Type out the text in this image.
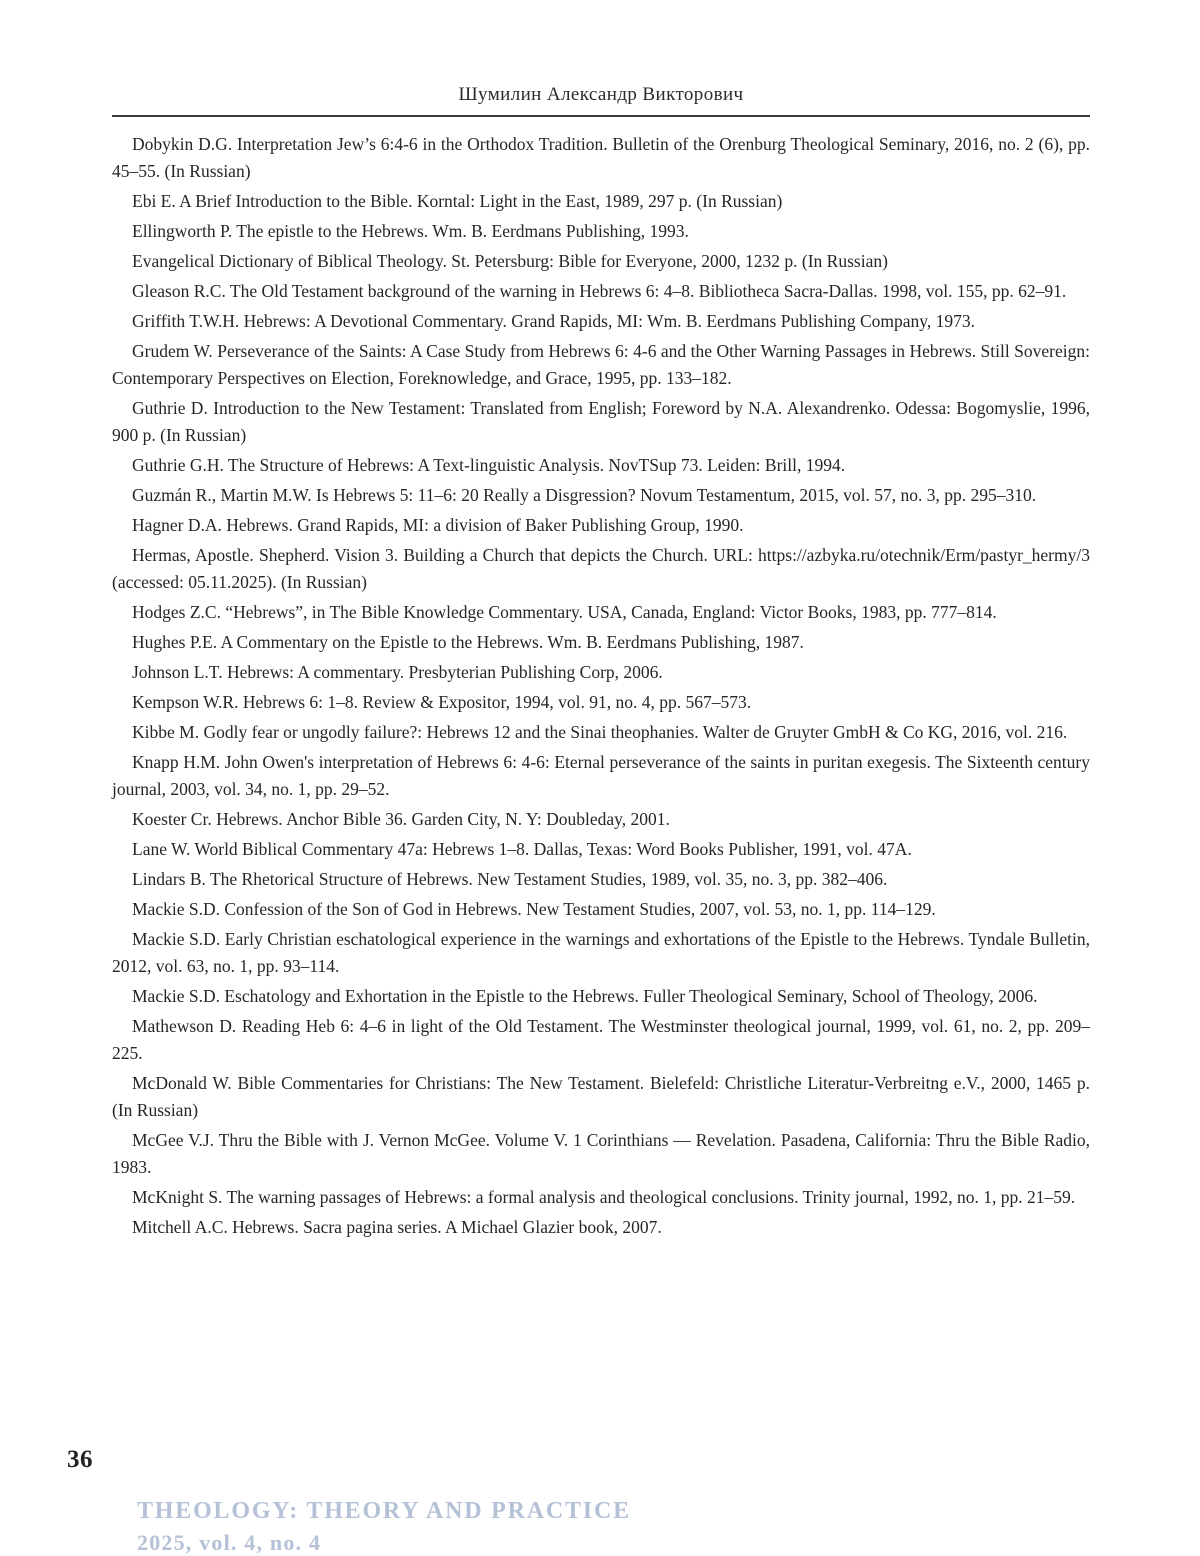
Шумилин Александр Викторович

Dobykin D.G. Interpretation Jew’s 6:4-6 in the Orthodox Tradition. Bulletin of the Orenburg Theological Seminary, 2016, no. 2 (6), pp. 45–55. (In Russian)

Ebi E. A Brief Introduction to the Bible. Korntal: Light in the East, 1989, 297 p. (In Russian)

Ellingworth P. The epistle to the Hebrews. Wm. B. Eerdmans Publishing, 1993.

Evangelical Dictionary of Biblical Theology. St. Petersburg: Bible for Everyone, 2000, 1232 p. (In Russian)

Gleason R.C. The Old Testament background of the warning in Hebrews 6: 4–8. Bibliotheca Sacra-Dallas. 1998, vol. 155, pp. 62–91.

Griffith T.W.H. Hebrews: A Devotional Commentary. Grand Rapids, MI: Wm. B. Eerdmans Publishing Company, 1973.

Grudem W. Perseverance of the Saints: A Case Study from Hebrews 6: 4-6 and the Other Warning Passages in Hebrews. Still Sovereign: Contemporary Perspectives on Election, Foreknowledge, and Grace, 1995, pp. 133–182.

Guthrie D. Introduction to the New Testament: Translated from English; Foreword by N.A. Alexandrenko. Odessa: Bogomyslie, 1996, 900 p. (In Russian)

Guthrie G.H. The Structure of Hebrews: A Text-linguistic Analysis. NovTSup 73. Leiden: Brill, 1994.

Guzmán R., Martin M.W. Is Hebrews 5: 11–6: 20 Really a Disgression? Novum Testamentum, 2015, vol. 57, no. 3, pp. 295–310.

Hagner D.A. Hebrews. Grand Rapids, MI: a division of Baker Publishing Group, 1990.

Hermas, Apostle. Shepherd. Vision 3. Building a Church that depicts the Church. URL: https://azbyka.ru/otechnik/Erm/pastyr_hermy/3 (accessed: 05.11.2025). (In Russian)

Hodges Z.C. “Hebrews”, in The Bible Knowledge Commentary. USA, Canada, England: Victor Books, 1983, pp. 777–814.

Hughes P.E. A Commentary on the Epistle to the Hebrews. Wm. B. Eerdmans Publishing, 1987.

Johnson L.T. Hebrews: A commentary. Presbyterian Publishing Corp, 2006.

Kempson W.R. Hebrews 6: 1–8. Review & Expositor, 1994, vol. 91, no. 4, pp. 567–573.

Kibbe M. Godly fear or ungodly failure?: Hebrews 12 and the Sinai theophanies. Walter de Gruyter GmbH & Co KG, 2016, vol. 216.

Knapp H.M. John Owen's interpretation of Hebrews 6: 4-6: Eternal perseverance of the saints in puritan exegesis. The Sixteenth century journal, 2003, vol. 34, no. 1, pp. 29–52.

Koester Cr. Hebrews. Anchor Bible 36. Garden City, N. Y: Doubleday, 2001.

Lane W. World Biblical Commentary 47a: Hebrews 1–8. Dallas, Texas: Word Books Publisher, 1991, vol. 47A.

Lindars B. The Rhetorical Structure of Hebrews. New Testament Studies, 1989, vol. 35, no. 3, pp. 382–406.

Mackie S.D. Confession of the Son of God in Hebrews. New Testament Studies, 2007, vol. 53, no. 1, pp. 114–129.

Mackie S.D. Early Christian eschatological experience in the warnings and exhortations of the Epistle to the Hebrews. Tyndale Bulletin, 2012, vol. 63, no. 1, pp. 93–114.

Mackie S.D. Eschatology and Exhortation in the Epistle to the Hebrews. Fuller Theological Seminary, School of Theology, 2006.

Mathewson D. Reading Heb 6: 4–6 in light of the Old Testament. The Westminster theological journal, 1999, vol. 61, no. 2, pp. 209–225.

McDonald W. Bible Commentaries for Christians: The New Testament. Bielefeld: Christliche Literatur-Verbreitng e.V., 2000, 1465 p. (In Russian)

McGee V.J. Thru the Bible with J. Vernon McGee. Volume V. 1 Corinthians — Revelation. Pasadena, California: Thru the Bible Radio, 1983.

McKnight S. The warning passages of Hebrews: a formal analysis and theological conclusions. Trinity journal, 1992, no. 1, pp. 21–59.

Mitchell A.C. Hebrews. Sacra pagina series. A Michael Glazier book, 2007.

36
THEOLOGY: THEORY AND PRACTICE
2025, vol. 4, no. 4
